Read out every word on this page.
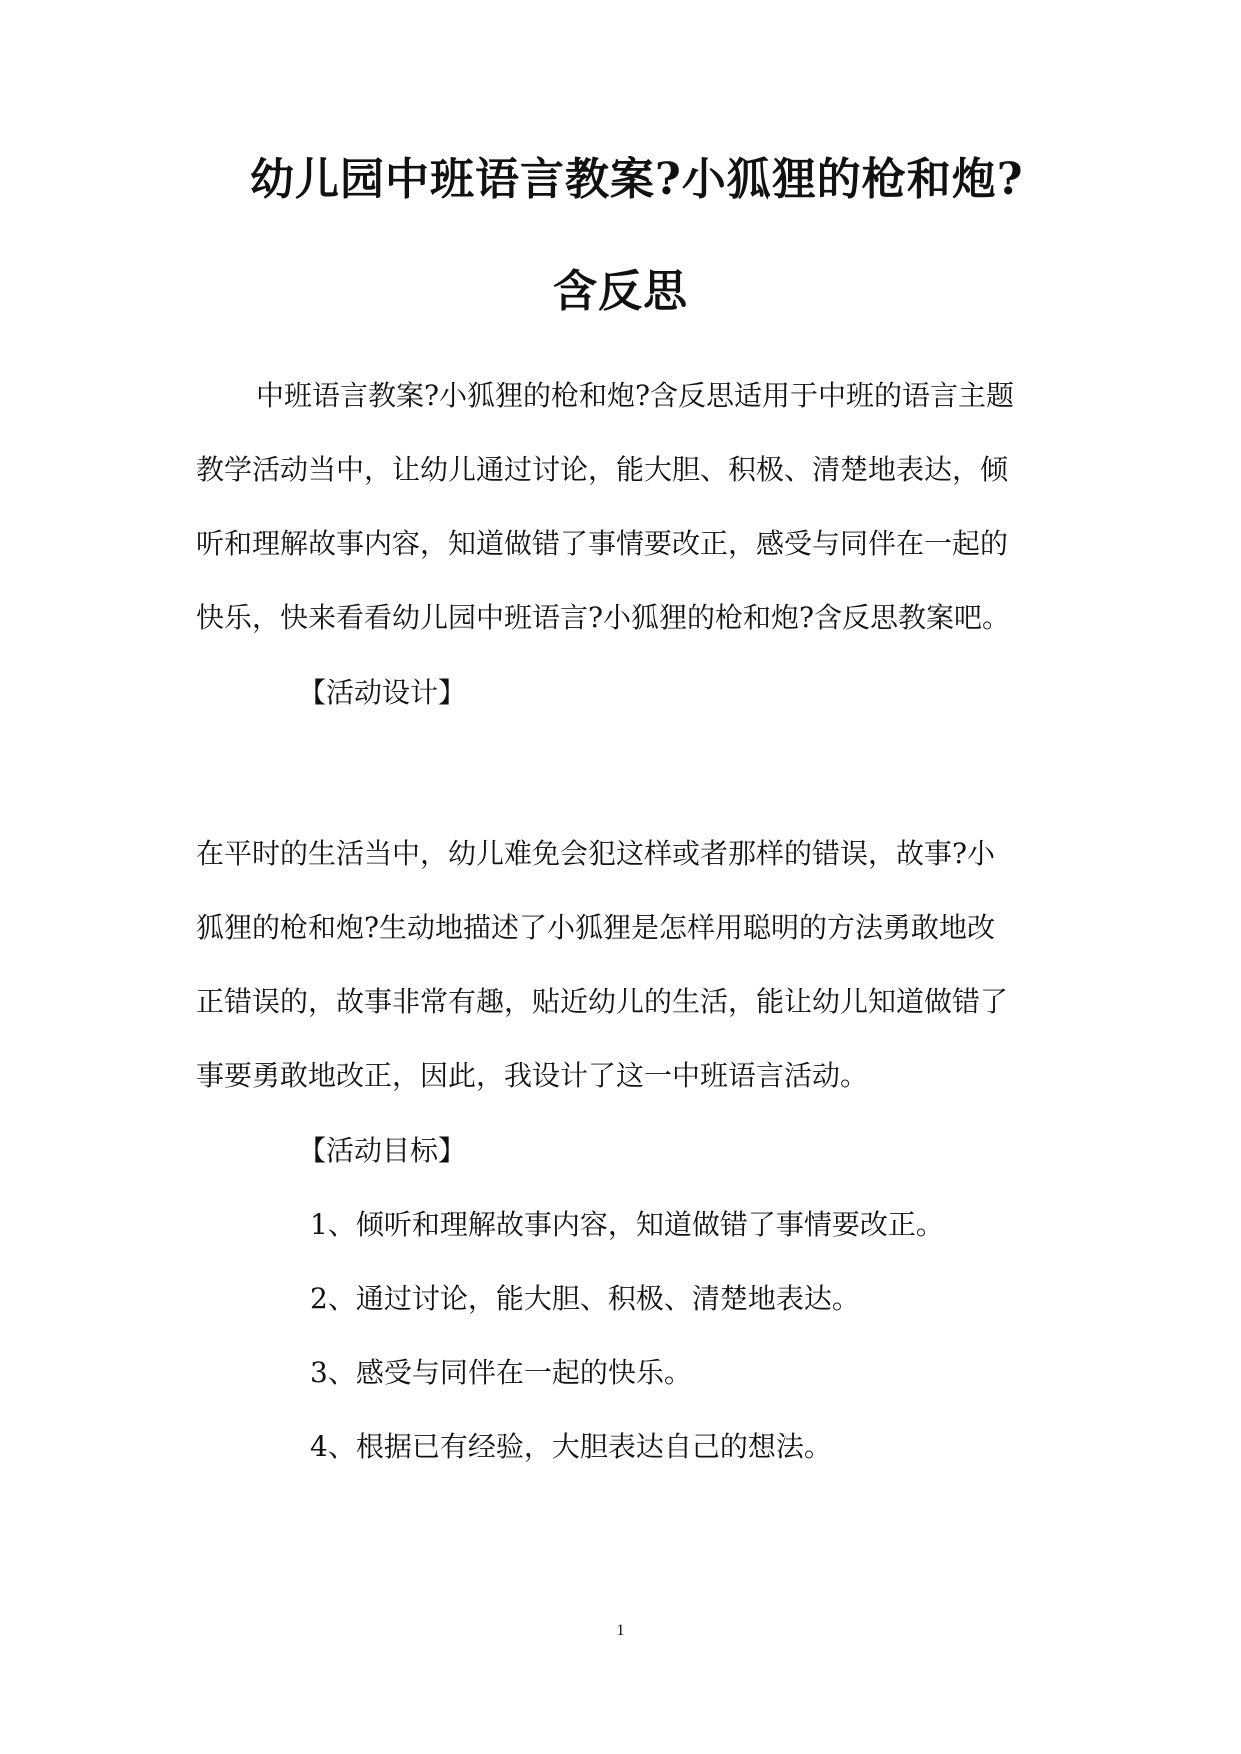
幼儿园中班语言教案?小狐狸的枪和炮?
含反思

中班语言教案?小狐狸的枪和炮?含反思适用于中班的语言主题

教学活动当中，让幼儿通过讨论，能大胆、积极、清楚地表达，倾

听和理解故事内容，知道做错了事情要改正，感受与同伴在一起的

快乐，快来看看幼儿园中班语言?小狐狸的枪和炮?含反思教案吧。

【活动设计】

在平时的生活当中，幼儿难免会犯这样或者那样的错误，故事?小

狐狸的枪和炮?生动地描述了小狐狸是怎样用聪明的方法勇敢地改

正错误的，故事非常有趣，贴近幼儿的生活，能让幼儿知道做错了

事要勇敢地改正，因此，我设计了这一中班语言活动。

【活动目标】

1、倾听和理解故事内容，知道做错了事情要改正。

2、通过讨论，能大胆、积极、清楚地表达。

3、感受与同伴在一起的快乐。

4、根据已有经验，大胆表达自己的想法。

1
